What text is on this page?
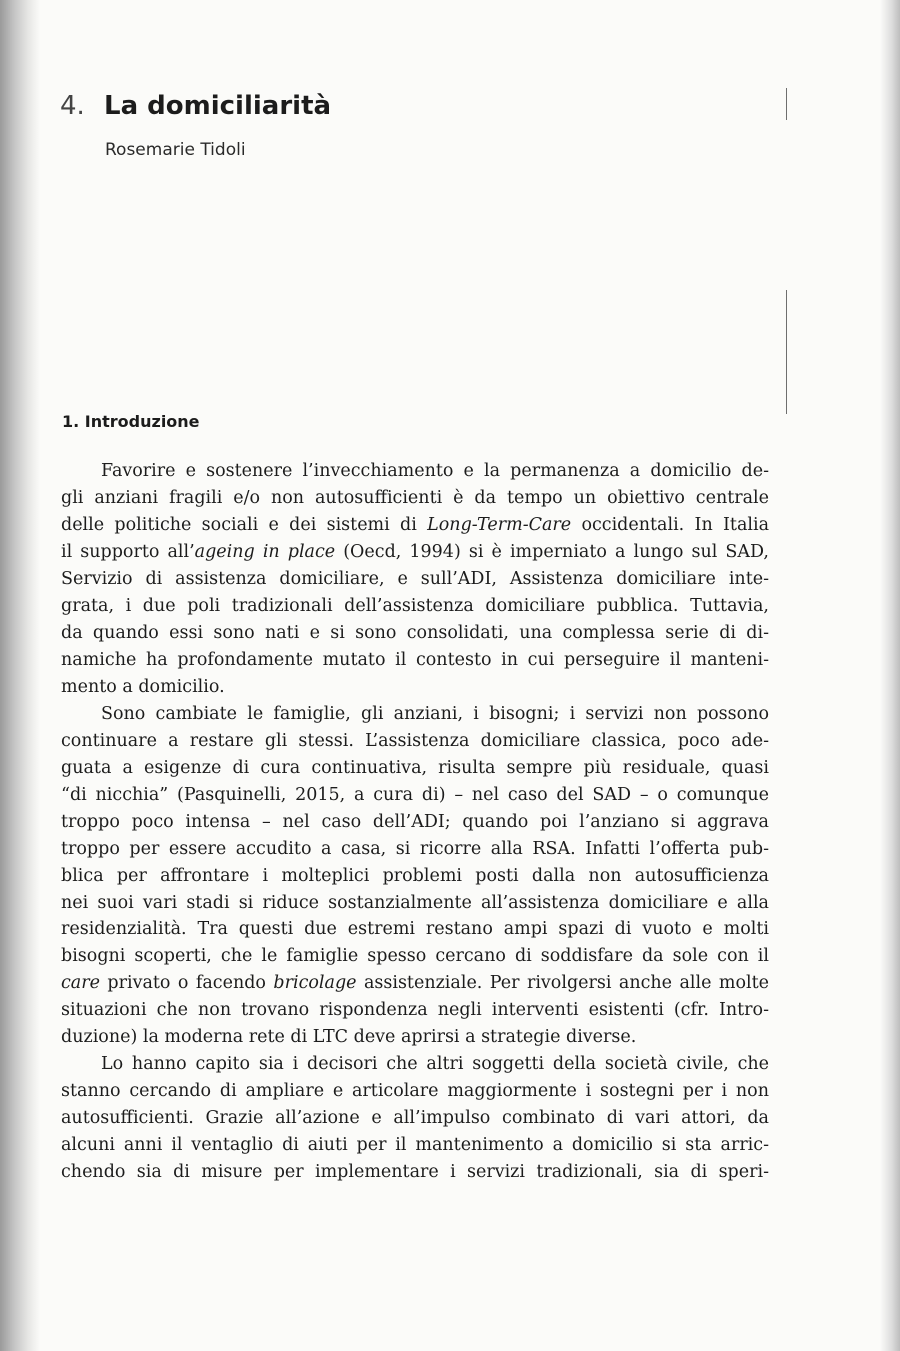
4. La domiciliarità

Rosemarie Tidoli

1. Introduzione
Favorire e sostenere l’invecchiamento e la permanenza a domicilio de-
gli anziani fragili e/o non autosufficienti è da tempo un obiettivo centrale
delle politiche sociali e dei sistemi di Long-Term-Care occidentali. In Italia
il supporto all’ageing in place (Oecd, 1994) si è imperniato a lungo sul SAD,
Servizio di assistenza domiciliare, e sull’ADI, Assistenza domiciliare inte-
grata, i due poli tradizionali dell’assistenza domiciliare pubblica. Tuttavia,
da quando essi sono nati e si sono consolidati, una complessa serie di di-
namiche ha profondamente mutato il contesto in cui perseguire il manteni-
mento a domicilio.
Sono cambiate le famiglie, gli anziani, i bisogni; i servizi non possono
continuare a restare gli stessi. L’assistenza domiciliare classica, poco ade-
guata a esigenze di cura continuativa, risulta sempre più residuale, quasi
“di nicchia” (Pasquinelli, 2015, a cura di) – nel caso del SAD – o comunque
troppo poco intensa – nel caso dell’ADI; quando poi l’anziano si aggrava
troppo per essere accudito a casa, si ricorre alla RSA. Infatti l’offerta pub-
blica per affrontare i molteplici problemi posti dalla non autosufficienza
nei suoi vari stadi si riduce sostanzialmente all’assistenza domiciliare e alla
residenzialità. Tra questi due estremi restano ampi spazi di vuoto e molti
bisogni scoperti, che le famiglie spesso cercano di soddisfare da sole con il
care privato o facendo bricolage assistenziale. Per rivolgersi anche alle molte
situazioni che non trovano rispondenza negli interventi esistenti (cfr. Intro-
duzione) la moderna rete di LTC deve aprirsi a strategie diverse.
Lo hanno capito sia i decisori che altri soggetti della società civile, che
stanno cercando di ampliare e articolare maggiormente i sostegni per i non
autosufficienti. Grazie all’azione e all’impulso combinato di vari attori, da
alcuni anni il ventaglio di aiuti per il mantenimento a domicilio si sta arric-
chendo sia di misure per implementare i servizi tradizionali, sia di speri-
